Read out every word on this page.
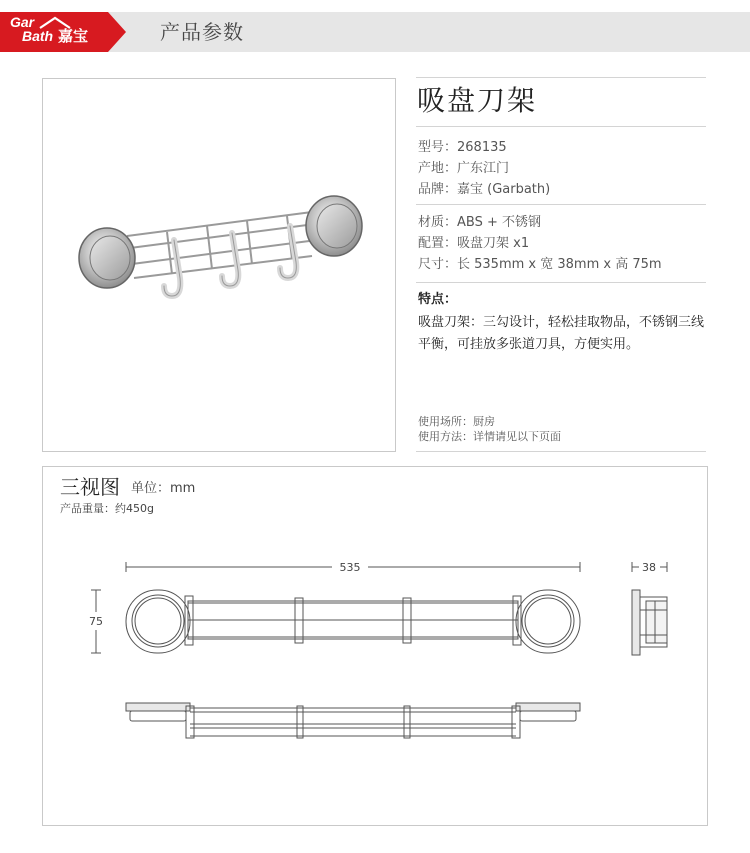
Gar
Bath 嘉宝	产品参数
吸盘刀架
型号：268135
产地：广东江门
品牌：嘉宝 (Garbath)
材质：ABS + 不锈钢
配置：吸盘刀架 x1
尺寸：长 535mm x 宽 38mm x 高 75m
特点：
吸盘刀架：三勾设计，轻松挂取物品，不锈钢三线平衡，可挂放多张道刀具，方便实用。
使用场所：厨房
使用方法：详情请见以下页面
三视图 单位：mm
产品重量：约450g
535
75
38
